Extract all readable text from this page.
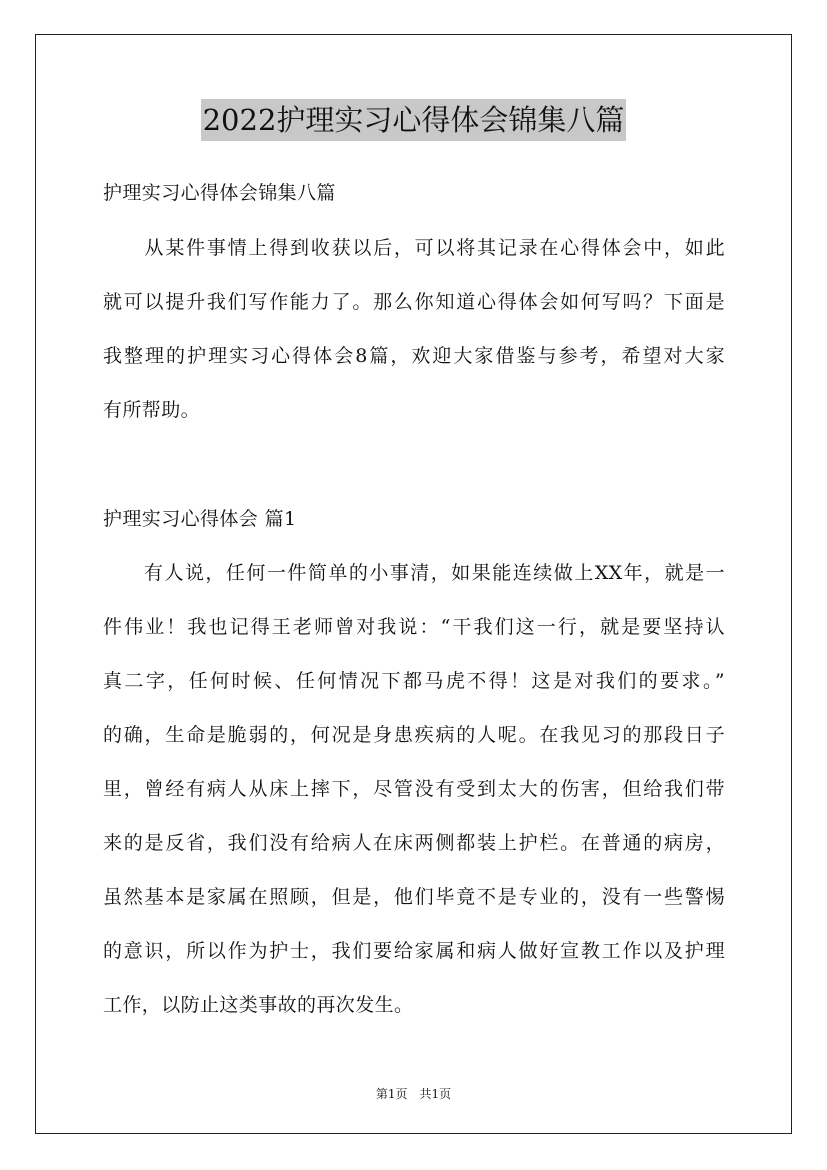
2022护理实习心得体会锦集八篇
护理实习心得体会锦集八篇
　　从某件事情上得到收获以后，可以将其记录在心得体会中，如此
就可以提升我们写作能力了。那么你知道心得体会如何写吗？下面是
我整理的护理实习心得体会8篇，欢迎大家借鉴与参考，希望对大家
有所帮助。
护理实习心得体会 篇1
　　有人说，任何一件简单的小事清，如果能连续做上XX年，就是一
件伟业！我也记得王老师曾对我说：“干我们这一行，就是要坚持认
真二字，任何时候、任何情况下都马虎不得！这是对我们的要求。”
的确，生命是脆弱的，何况是身患疾病的人呢。在我见习的那段日子
里，曾经有病人从床上摔下，尽管没有受到太大的伤害，但给我们带
来的是反省，我们没有给病人在床两侧都装上护栏。在普通的病房，
虽然基本是家属在照顾，但是，他们毕竟不是专业的，没有一些警惕
的意识，所以作为护士，我们要给家属和病人做好宣教工作以及护理
工作，以防止这类事故的再次发生。
第1页　共1页
